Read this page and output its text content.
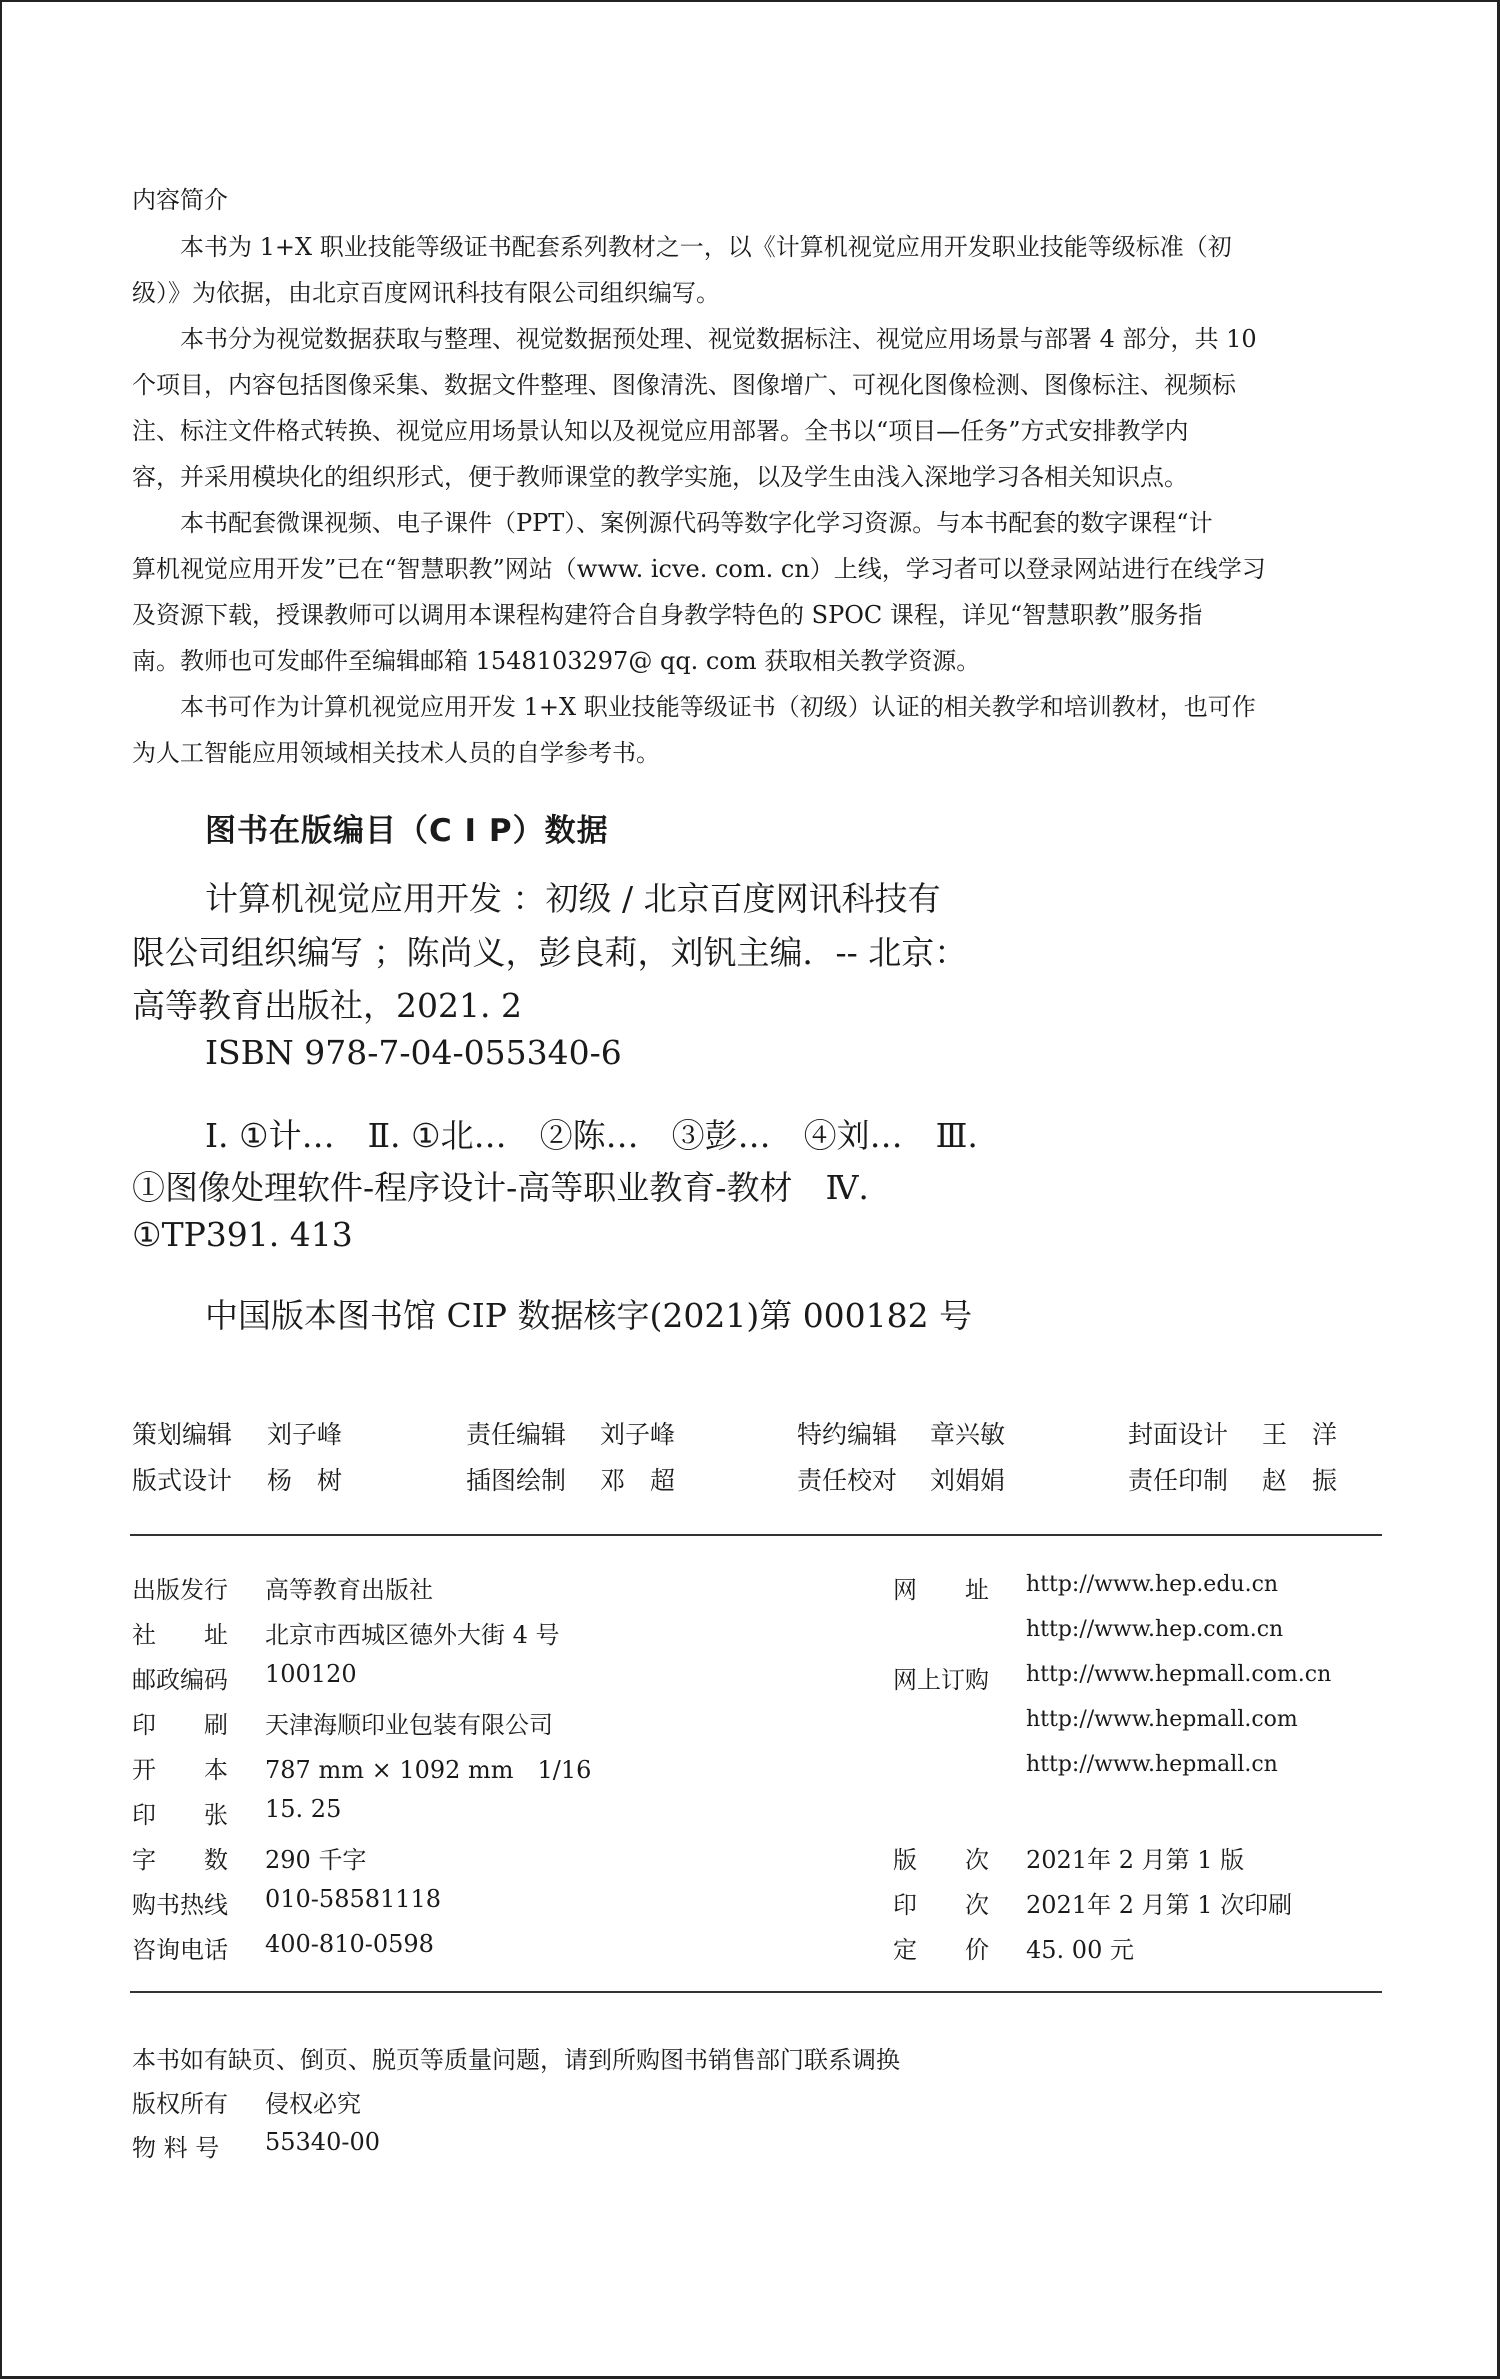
内容简介
本书为 1+X 职业技能等级证书配套系列教材之一，以《计算机视觉应用开发职业技能等级标准（初
级）》为依据，由北京百度网讯科技有限公司组织编写。
本书分为视觉数据获取与整理、视觉数据预处理、视觉数据标注、视觉应用场景与部署 4 部分，共 10
个项目，内容包括图像采集、数据文件整理、图像清洗、图像增广、可视化图像检测、图像标注、视频标
注、标注文件格式转换、视觉应用场景认知以及视觉应用部署。全书以“项目—任务”方式安排教学内
容，并采用模块化的组织形式，便于教师课堂的教学实施，以及学生由浅入深地学习各相关知识点。
本书配套微课视频、电子课件（PPT）、案例源代码等数字化学习资源。与本书配套的数字课程“计
算机视觉应用开发”已在“智慧职教”网站（www. icve. com. cn）上线，学习者可以登录网站进行在线学习
及资源下载，授课教师可以调用本课程构建符合自身教学特色的 SPOC 课程，详见“智慧职教”服务指
南。教师也可发邮件至编辑邮箱 1548103297@ qq. com 获取相关教学资源。
本书可作为计算机视觉应用开发 1+X 职业技能等级证书（初级）认证的相关教学和培训教材，也可作
为人工智能应用领域相关技术人员的自学参考书。
图书在版编目（C I P）数据
计算机视觉应用开发 ：初级 / 北京百度网讯科技有
限公司组织编写 ；陈尚义，彭良莉，刘钒主编．-- 北京：
高等教育出版社，2021. 2
ISBN 978-7-04-055340-6
Ⅰ. ①计…　Ⅱ. ①北…　②陈…　③彭…　④刘…　Ⅲ.
①图像处理软件-程序设计-高等职业教育-教材　Ⅳ.
①TP391. 413
中国版本图书馆 CIP 数据核字(2021)第 000182 号
策划编辑 刘子峰	责任编辑 刘子峰	特约编辑 章兴敏	封面设计 王　洋
版式设计 杨　树	插图绘制 邓　超	责任校对 刘娟娟	责任印制 赵　振
出版发行 高等教育出版社
社　　址 北京市西城区德外大街 4 号
邮政编码 100120
印　　刷 天津海顺印业包装有限公司
开　　本 787 mm × 1092 mm　1/16
印　　张 15. 25
字　　数 290 千字
购书热线 010-58581118
咨询电话 400-810-0598
网　　址 http://www.hep.edu.cn
http://www.hep.com.cn
网上订购 http://www.hepmall.com.cn
http://www.hepmall.com
http://www.hepmall.cn
版　　次 2021年 2 月第 1 版
印　　次 2021年 2 月第 1 次印刷
定　　价 45. 00 元
本书如有缺页、倒页、脱页等质量问题，请到所购图书销售部门联系调换
版权所有 侵权必究
物 料 号 55340-00
